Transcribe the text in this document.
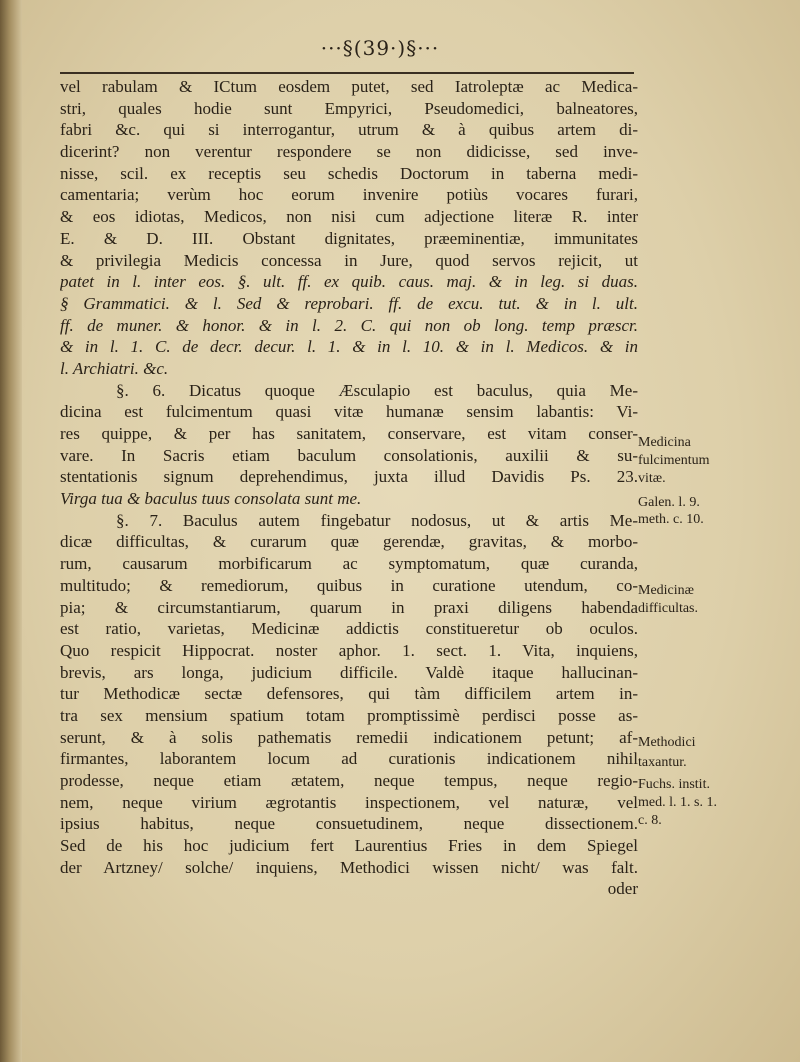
···§(39·)§···
vel rabulam & ICtum eosdem putet, sed Iatroleptæ ac Medica-
stri, quales hodie sunt Empyrici, Pseudomedici, balneatores,
fabri &c. qui si interrogantur, utrum & à quibus artem di-
dicerint? non verentur respondere se non didicisse, sed inve-
nisse, scil. ex receptis seu schedis Doctorum in taberna medi-
camentaria; verùm hoc eorum invenire potiùs vocares furari,
& eos idiotas, Medicos, non nisi cum adjectione literæ R. inter
E. & D. III. Obstant dignitates, præeminentiæ, immunitates
& privilegia Medicis concessa in Jure, quod servos rejicit, ut
patet in l. inter eos. §. ult. ff. ex quib. caus. maj. & in leg. si duas.
§ Grammatici. & l. Sed & reprobari. ff. de excu. tut. & in l. ult.
ff. de muner. & honor. & in l. 2. C. qui non ob long. temp præscr.
& in l. 1. C. de decr. decur. l. 1. & in l. 10. & in l. Medicos. & in
l. Archiatri. &c.
§. 6. Dicatus quoque Æsculapio est baculus, quia Me-
dicina est fulcimentum quasi vitæ humanæ sensim labantis: Vi-
res quippe, & per has sanitatem, conservare, est vitam conser-
vare. In Sacris etiam baculum consolationis, auxilii & su-
stentationis signum deprehendimus, juxta illud Davidis Ps. 23.
Virga tua & baculus tuus consolata sunt me.
§. 7. Baculus autem fingebatur nodosus, ut & artis Me-
dicæ difficultas, & curarum quæ gerendæ, gravitas, & morbo-
rum, causarum morbificarum ac symptomatum, quæ curanda,
multitudo; & remediorum, quibus in curatione utendum, co-
pia; & circumstantiarum, quarum in praxi diligens habenda
est ratio, varietas, Medicinæ addictis constitueretur ob oculos.
Quo respicit Hippocrat. noster aphor. 1. sect. 1. Vita, inquiens,
brevis, ars longa, judicium difficile. Valdè itaque hallucinan-
tur Methodicæ sectæ defensores, qui tàm difficilem artem in-
tra sex mensium spatium totam promptissimè perdisci posse as-
serunt, & à solis pathematis remedii indicationem petunt; af-
firmantes, laborantem locum ad curationis indicationem nihil
prodesse, neque etiam ætatem, neque tempus, neque regio-
nem, neque virium ægrotantis inspectionem, vel naturæ, vel
ipsius habitus, neque consuetudinem, neque dissectionem.
Sed de his hoc judicium fert Laurentius Fries in dem Spiegel
der Artzney/ solche/ inquiens, Methodici wissen nicht/ was falt.
oder
Medicina
fulcimentum
vitæ.
Galen. l. 9.
meth. c. 10.
Medicinæ
difficultas.
Methodici
taxantur.
Fuchs. instit.
med. l. 1. s. 1.
c. 8.
